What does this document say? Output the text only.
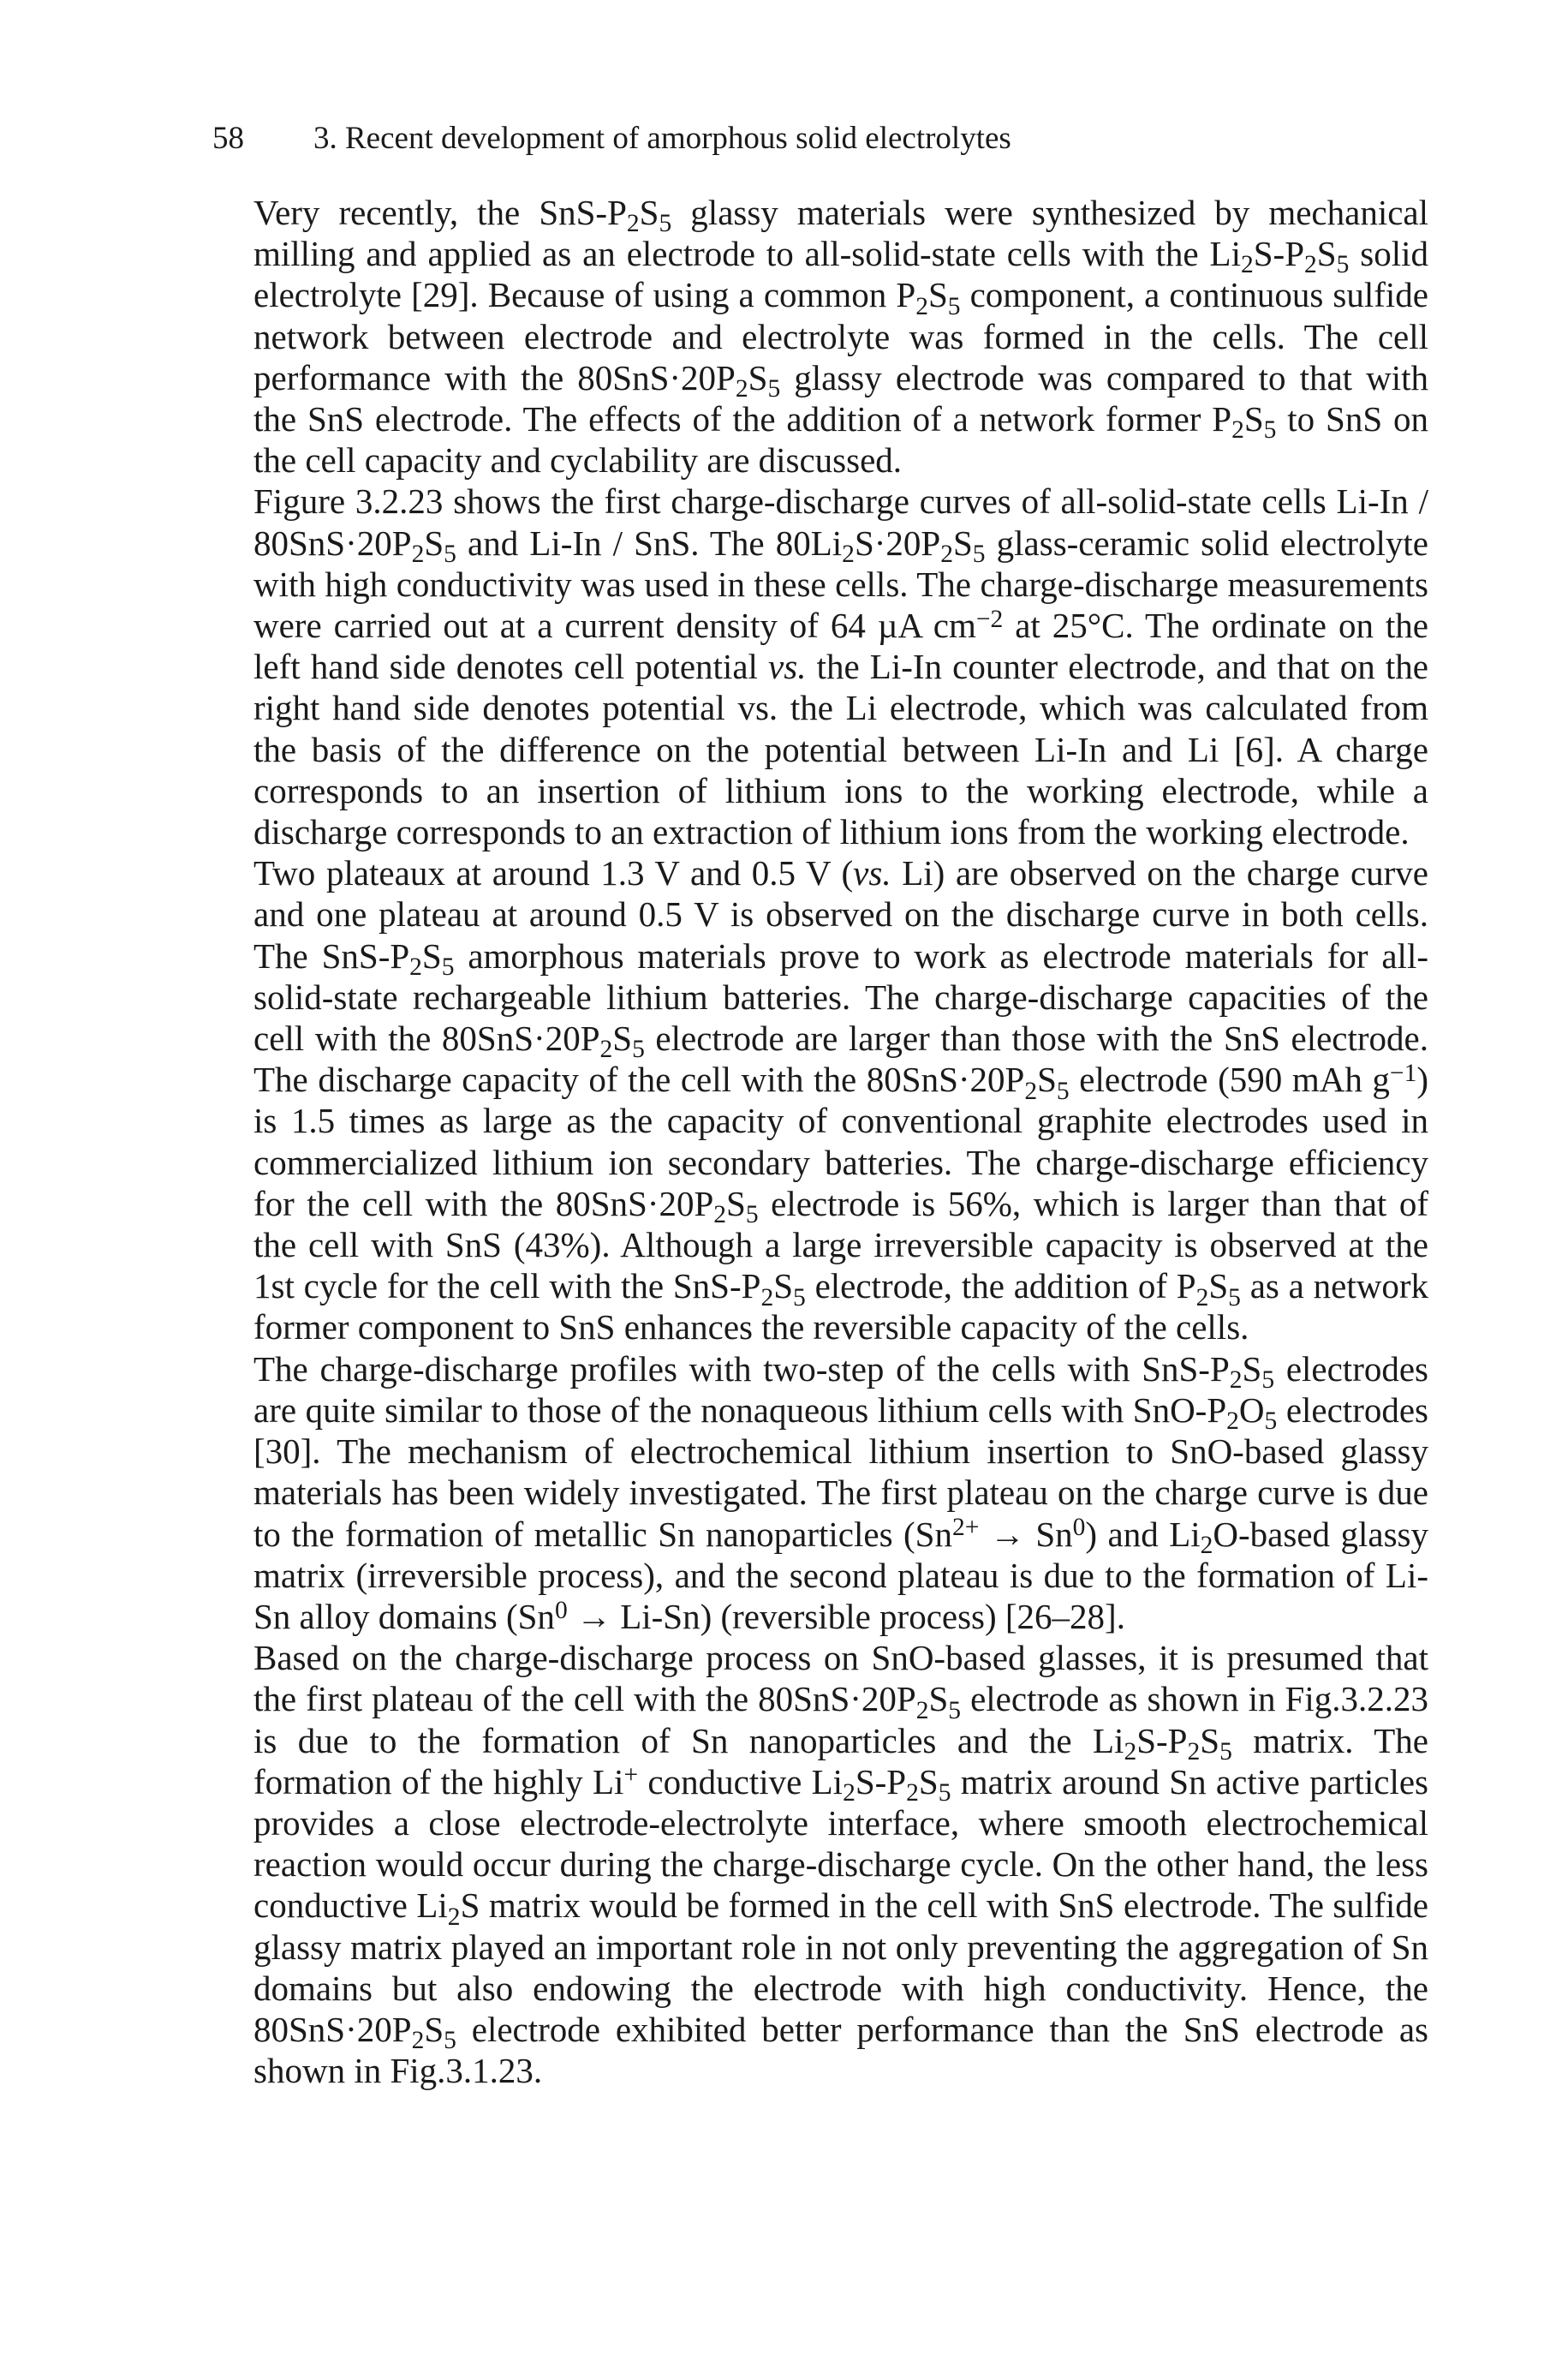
58 3. Recent development of amorphous solid electrolytes

Very recently, the SnS-$P_2S_5$ glassy materials were synthesized by mechanical milling and applied as an electrode to all-solid-state cells with the $Li_2S-P_2S_5$ solid electrolyte [29]. Because of using a common $P_2S_5$ component, a continuous sulfide network between electrode and electrolyte was formed in the cells. The cell performance with the $80SnS\cdot 20P_2S_5$ glassy electrode was compared to that with the SnS electrode. The effects of the addition of a network former $P_2S_5$ to SnS on the cell capacity and cyclability are discussed.

Figure 3.2.23 shows the first charge-discharge curves of all-solid-state cells $Li-In / 80SnS\cdot 20P_2S_5$ and Li-In / SnS. The $80Li_2S\cdot 20P_2S_5$ glass-ceramic solid electrolyte with high conductivity was used in these cells. The charge-discharge measurements were carried out at a current density of 64 µA $cm^{-2}$ at 25°C. The ordinate on the left hand side denotes cell potential vs. the Li-In counter electrode, and that on the right hand side denotes potential vs. the Li electrode, which was calculated from the basis of the difference on the potential between Li-In and Li [6]. A charge corresponds to an insertion of lithium ions to the working electrode, while a discharge corresponds to an extraction of lithium ions from the working electrode.

Two plateaux at around 1.3 V and 0.5 V (vs. Li) are observed on the charge curve and one plateau at around 0.5 V is observed on the discharge curve in both cells. The SnS-$P_2S_5$ amorphous materials prove to work as electrode materials for all-solid-state rechargeable lithium batteries. The charge-discharge capacities of the cell with the $80SnS\cdot 20P_2S_5$ electrode are larger than those with the SnS electrode. The discharge capacity of the cell with the $80SnS\cdot 20P_2S_5$ electrode (590 mAh $g^{-1}$) is 1.5 times as large as the capacity of conventional graphite electrodes used in commercialized lithium ion secondary batteries. The charge-discharge efficiency for the cell with the $80SnS\cdot 20P_2S_5$ electrode is 56%, which is larger than that of the cell with SnS (43%). Although a large irreversible capacity is observed at the 1st cycle for the cell with the SnS-$P_2S_5$ electrode, the addition of $P_2S_5$ as a network former component to SnS enhances the reversible capacity of the cells.

The charge-discharge profiles with two-step of the cells with SnS-$P_2S_5$ electrodes are quite similar to those of the nonaqueous lithium cells with SnO-$P_2O_5$ electrodes [30]. The mechanism of electrochemical lithium insertion to SnO-based glassy materials has been widely investigated. The first plateau on the charge curve is due to the formation of metallic Sn nanoparticles $(Sn^{2+} \to Sn^0)$ and $Li_2O$-based glassy matrix (irreversible process), and the second plateau is due to the formation of Li-Sn alloy domains $(Sn^0 \to Li-Sn)$ (reversible process) [26–28].

Based on the charge-discharge process on SnO-based glasses, it is presumed that the first plateau of the cell with the $80SnS\cdot 20P_2S_5$ electrode as shown in Fig.3.2.23 is due to the formation of Sn nanoparticles and the $Li_2S-P_2S_5$ matrix. The formation of the highly Li+ conductive $Li_2S-P_2S_5$ matrix around Sn active particles provides a close electrode-electrolyte interface, where smooth electrochemical reaction would occur during the charge-discharge cycle. On the other hand, the less conductive $Li_2S$ matrix would be formed in the cell with SnS electrode. The sulfide glassy matrix played an important role in not only preventing the aggregation of Sn domains but also endowing the electrode with high conductivity. Hence, the $80SnS\cdot 20P_2S_5$ electrode exhibited better performance than the SnS electrode as shown in Fig.3.1.23.
